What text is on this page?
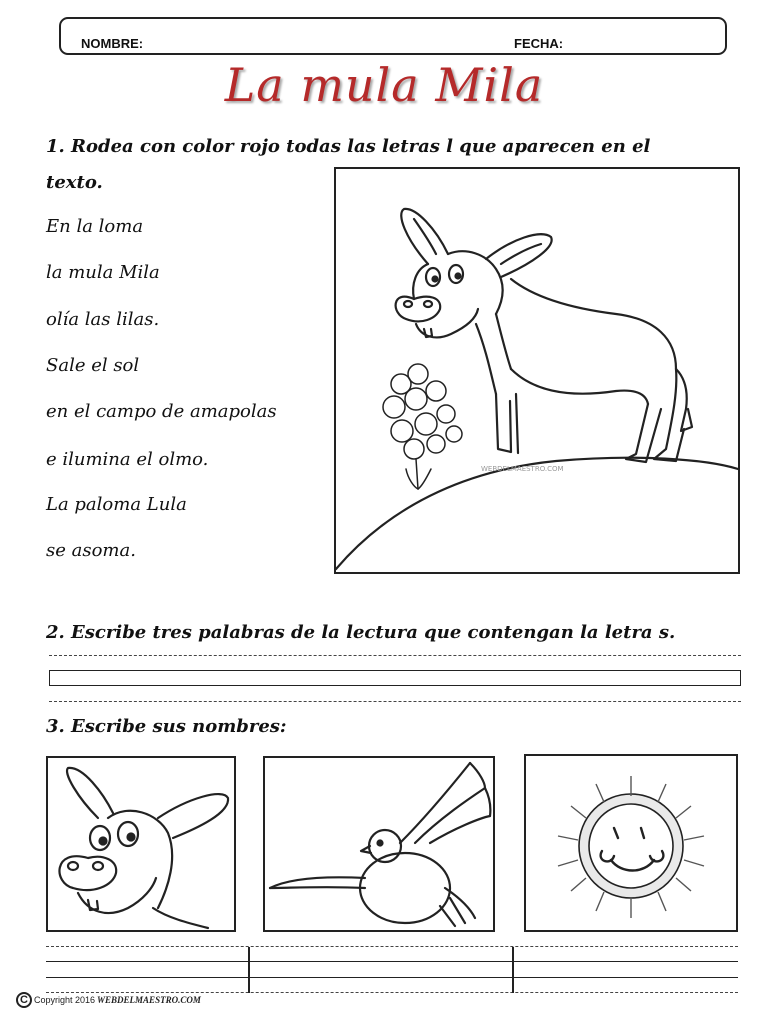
NOMBRE:	FECHA:
La mula Mila
1. Rodea con color rojo todas las letras l que aparecen en el
texto.
En la loma
la mula Mila
olía las lilas.
Sale el sol
en el campo de amapolas
e ilumina el olmo.
La paloma Lula
se asoma.
WEBDELMAESTRO.COM
2. Escribe tres palabras de la lectura que contengan la letra s.
3. Escribe sus nombres:
C Copyright 2016 WEBDELMAESTRO.COM
